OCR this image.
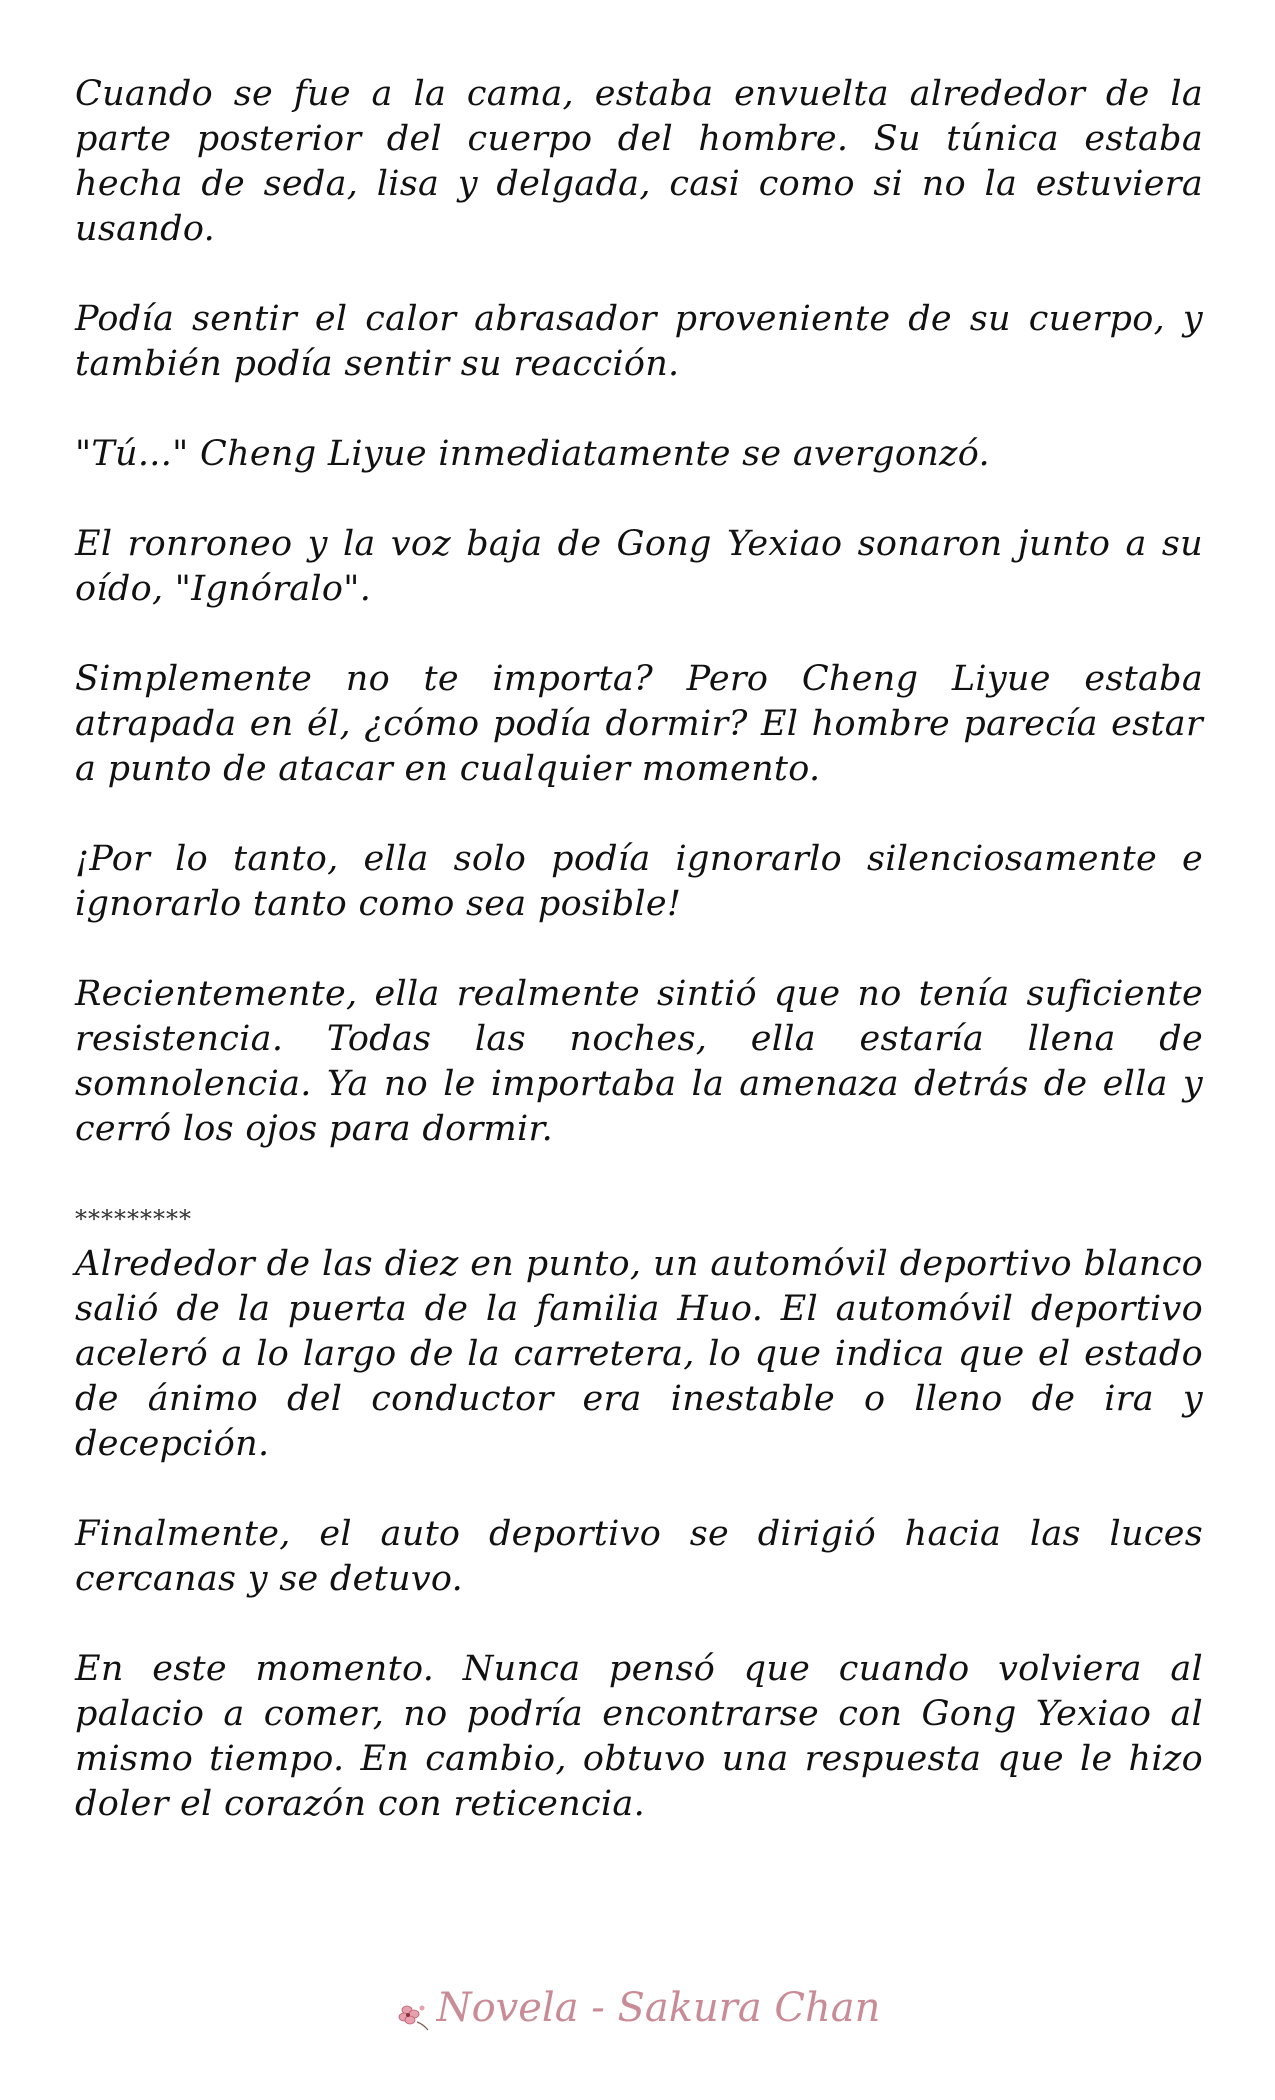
Cuando se fue a la cama, estaba envuelta alrededor de la parte posterior del cuerpo del hombre. Su túnica estaba hecha de seda, lisa y delgada, casi como si no la estuviera usando.

Podía sentir el calor abrasador proveniente de su cuerpo, y también podía sentir su reacción.

"Tú..." Cheng Liyue inmediatamente se avergonzó.

El ronroneo y la voz baja de Gong Yexiao sonaron junto a su oído, "Ignóralo".

Simplemente no te importa? Pero Cheng Liyue estaba atrapada en él, ¿cómo podía dormir? El hombre parecía estar a punto de atacar en cualquier momento.

¡Por lo tanto, ella solo podía ignorarlo silenciosamente e ignorarlo tanto como sea posible!

Recientemente, ella realmente sintió que no tenía suficiente resistencia. Todas las noches, ella estaría llena de somnolencia. Ya no le importaba la amenaza detrás de ella y cerró los ojos para dormir.

*********

Alrededor de las diez en punto, un automóvil deportivo blanco salió de la puerta de la familia Huo. El automóvil deportivo aceleró a lo largo de la carretera, lo que indica que el estado de ánimo del conductor era inestable o lleno de ira y decepción.

Finalmente, el auto deportivo se dirigió hacia las luces cercanas y se detuvo.

En este momento. Nunca pensó que cuando volviera al palacio a comer, no podría encontrarse con Gong Yexiao al mismo tiempo. En cambio, obtuvo una respuesta que le hizo doler el corazón con reticencia.

Novela - Sakura Chan
